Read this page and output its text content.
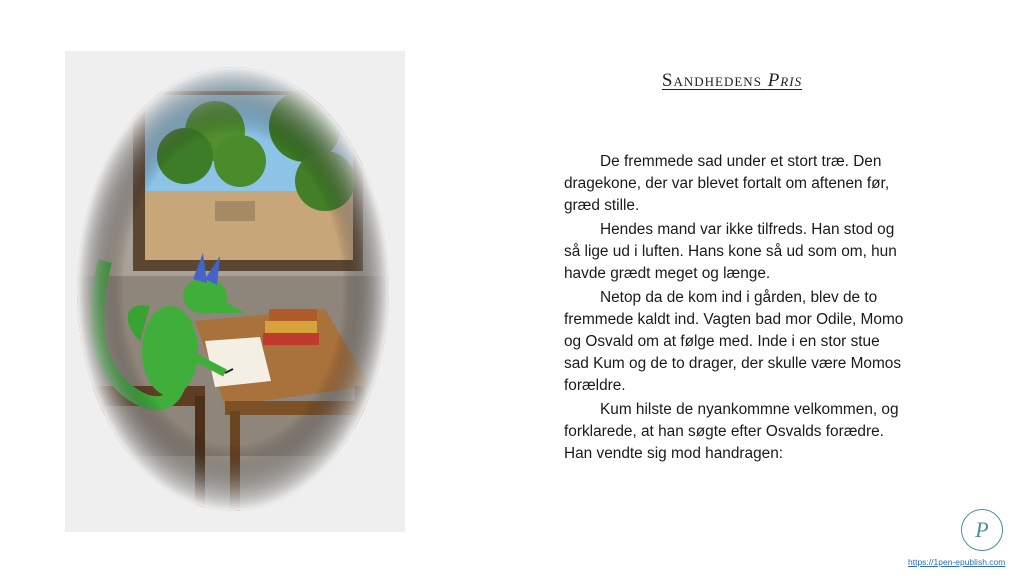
Sandhedens Pris

De fremmede sad under et stort træ. Den dragekone, der var blevet fortalt om aftenen før, græd stille.

Hendes mand var ikke tilfreds. Han stod og så lige ud i luften. Hans kone så ud som om, hun havde grædt meget og længe.

Netop da de kom ind i gården, blev de to fremmede kaldt ind. Vagten bad mor Odile, Momo og Osvald om at følge med. Inde i en stor stue sad Kum og de to drager, der skulle være Momos forældre.

Kum hilste de nyankommne velkommen, og forklarede, at han søgte efter Osvalds forædre. Han vendte sig mod handragen:

P
https://1pen-epublish.com
